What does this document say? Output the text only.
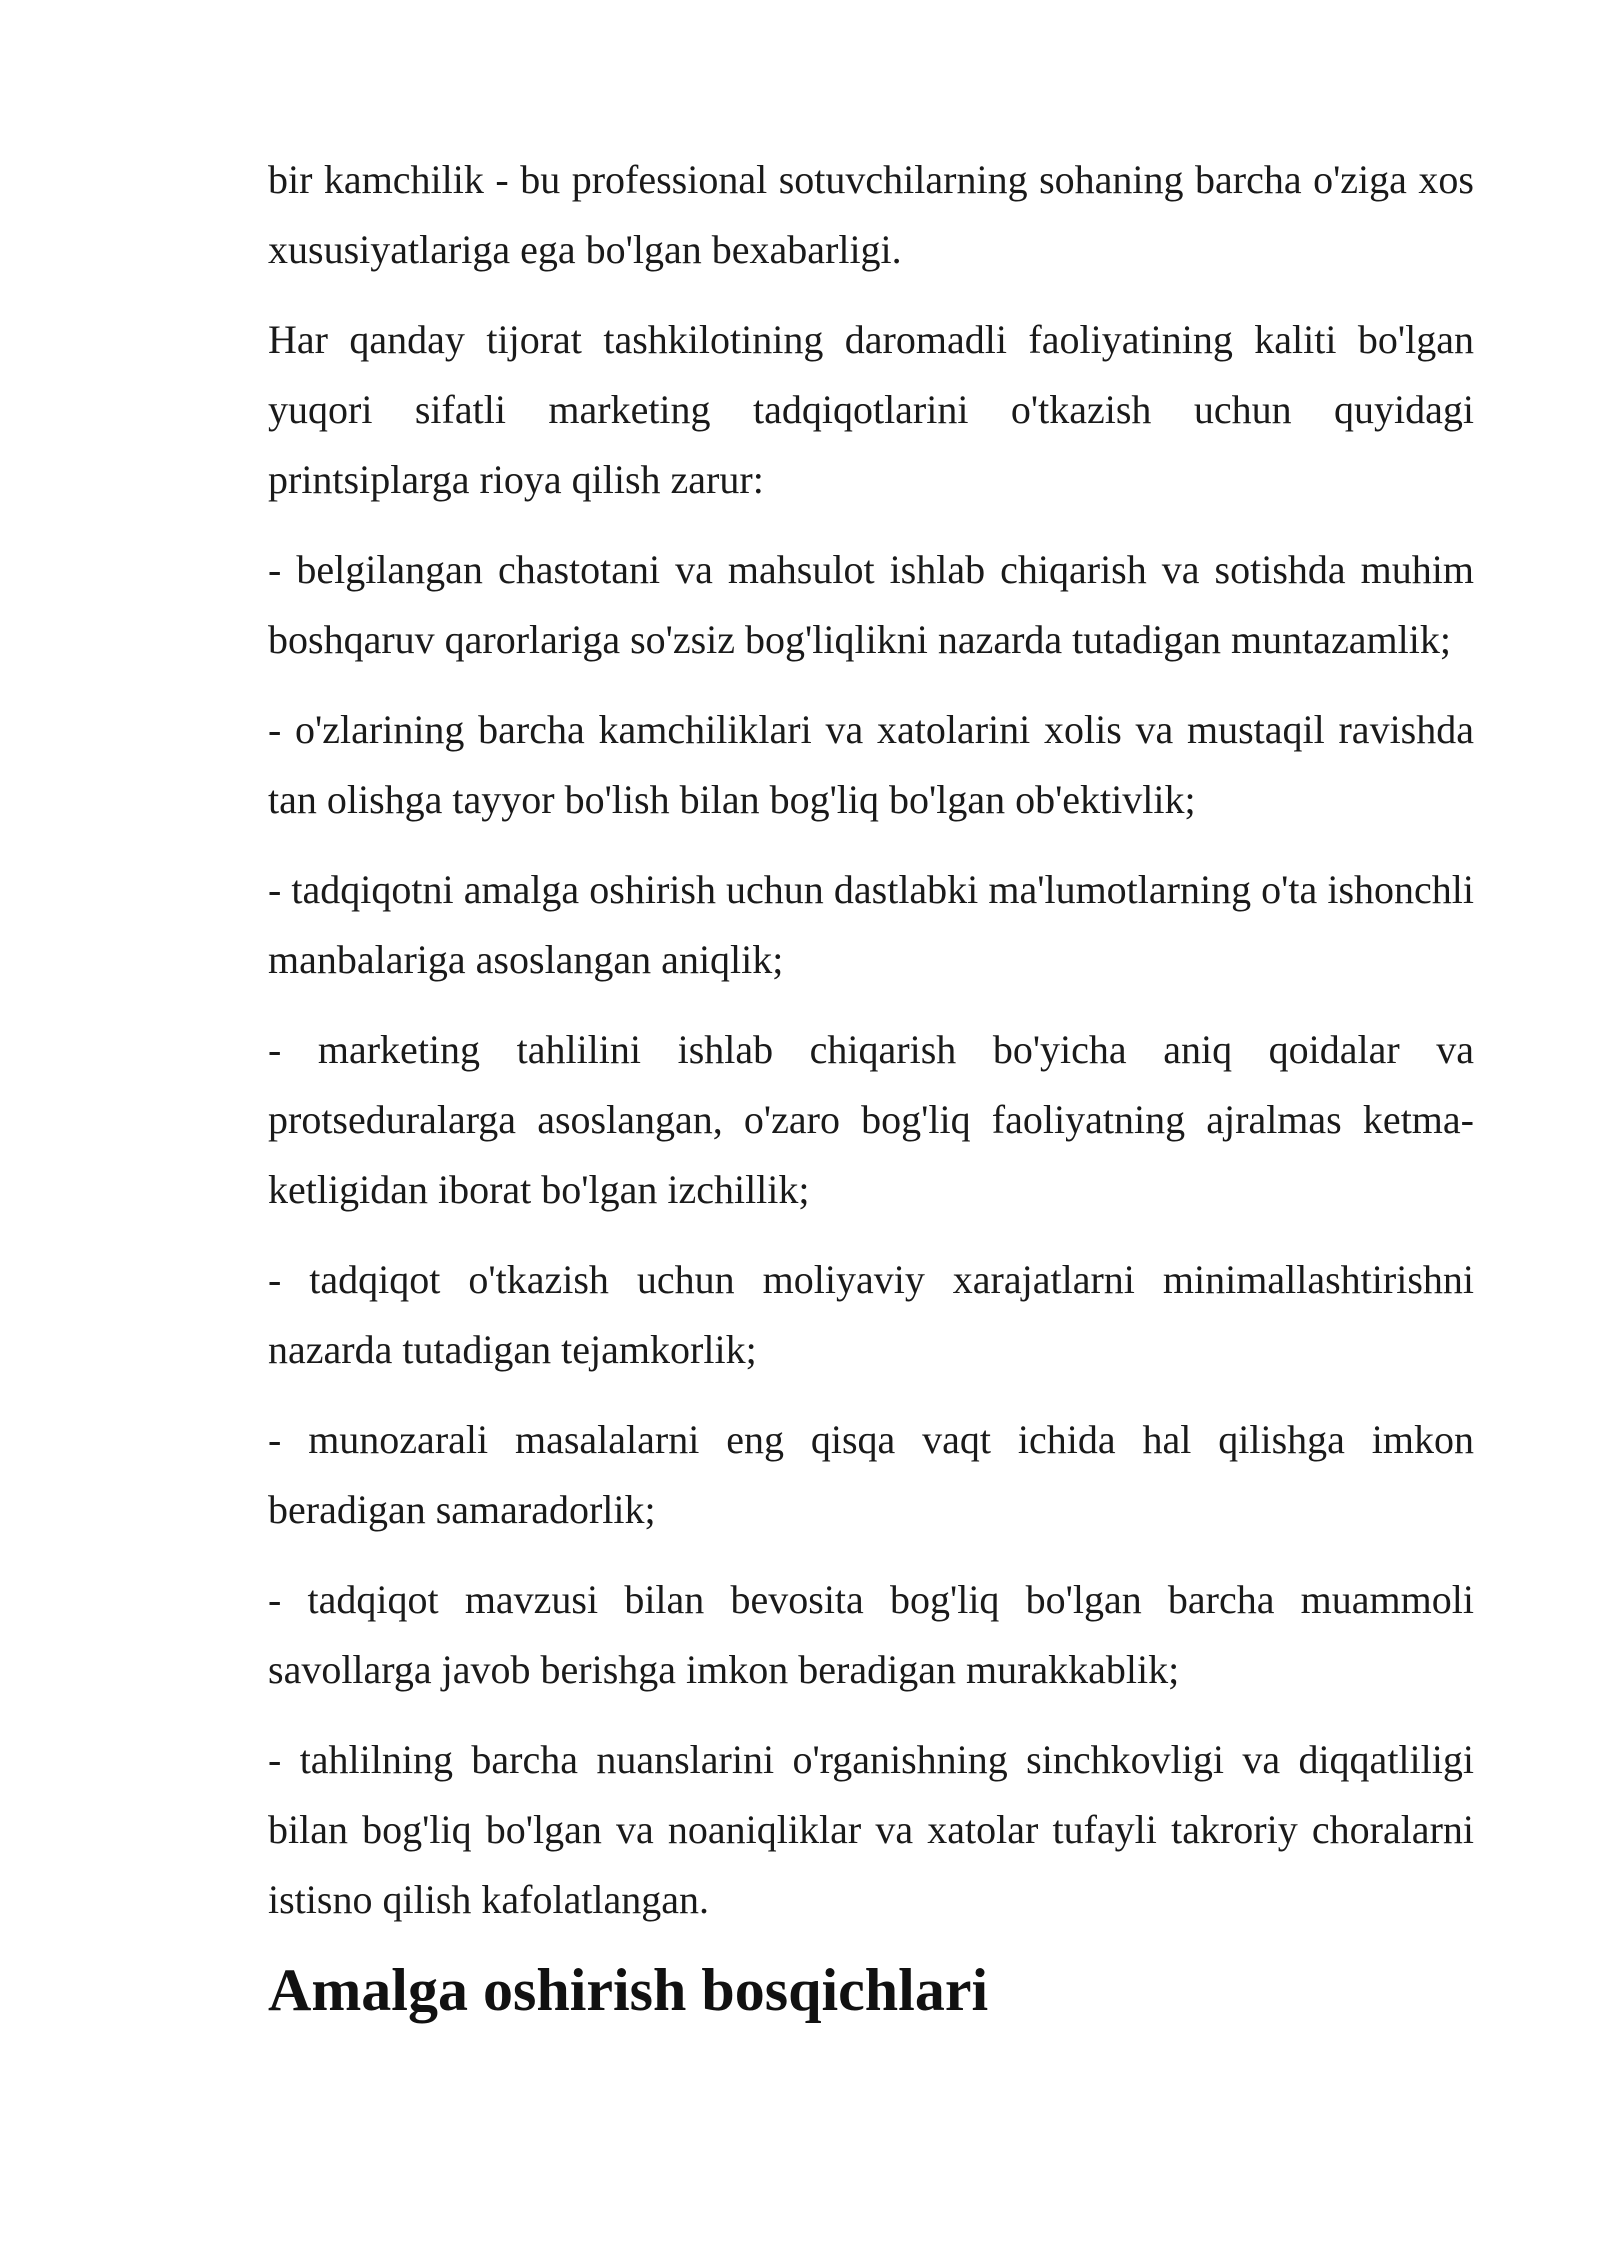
bir kamchilik - bu professional sotuvchilarning sohaning barcha o'ziga xos xususiyatlariga ega bo'lgan bexabarligi.

Har qanday tijorat tashkilotining daromadli faoliyatining kaliti bo'lgan yuqori sifatli marketing tadqiqotlarini o'tkazish uchun quyidagi printsiplarga rioya qilish zarur:

- belgilangan chastotani va mahsulot ishlab chiqarish va sotishda muhim boshqaruv qarorlariga so'zsiz bog'liqlikni nazarda tutadigan muntazamlik;

- o'zlarining barcha kamchiliklari va xatolarini xolis va mustaqil ravishda tan olishga tayyor bo'lish bilan bog'liq bo'lgan ob'ektivlik;

- tadqiqotni amalga oshirish uchun dastlabki ma'lumotlarning o'ta ishonchli manbalariga asoslangan aniqlik;

- marketing tahlilini ishlab chiqarish bo'yicha aniq qoidalar va protseduralarga asoslangan, o'zaro bog'liq faoliyatning ajralmas ketma-ketligidan iborat bo'lgan izchillik;

- tadqiqot o'tkazish uchun moliyaviy xarajatlarni minimallashtirishni nazarda tutadigan tejamkorlik;

- munozarali masalalarni eng qisqa vaqt ichida hal qilishga imkon beradigan samaradorlik;

- tadqiqot mavzusi bilan bevosita bog'liq bo'lgan barcha muammoli savollarga javob berishga imkon beradigan murakkablik;

- tahlilning barcha nuanslarini o'rganishning sinchkovligi va diqqatliligi bilan bog'liq bo'lgan va noaniqliklar va xatolar tufayli takroriy choralarni istisno qilish kafolatlangan.

Amalga oshirish bosqichlari
